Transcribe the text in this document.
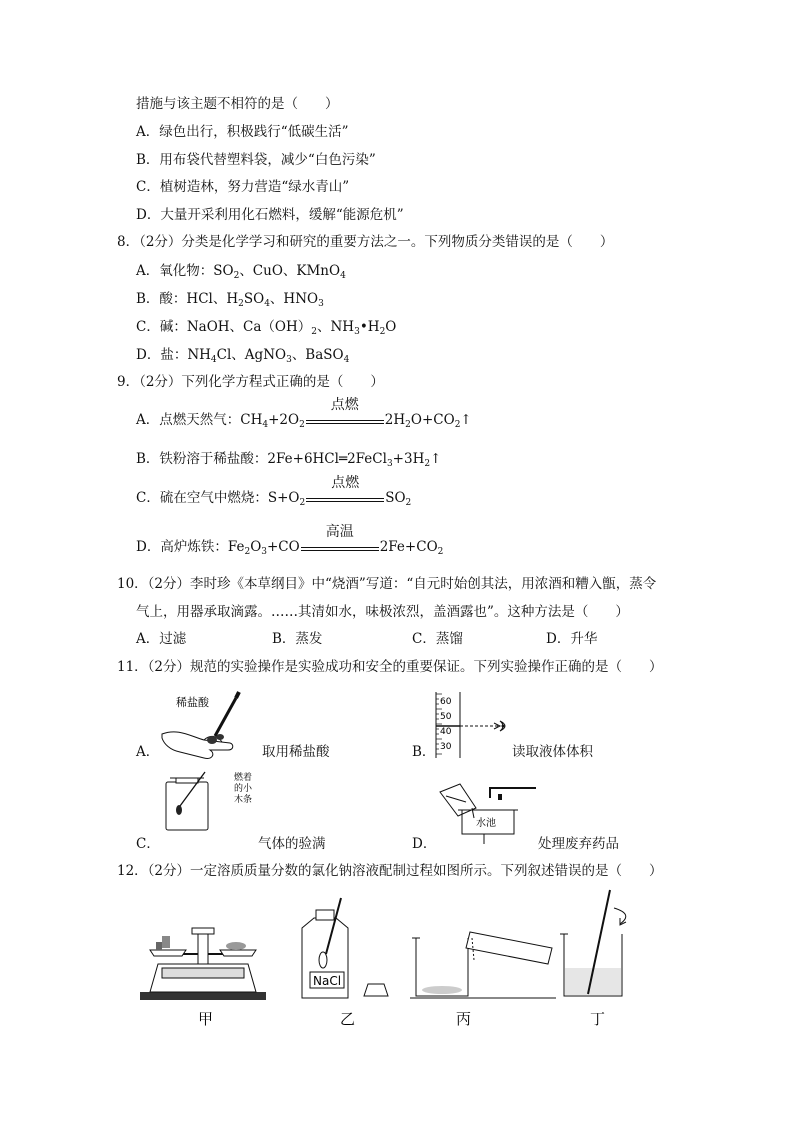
措施与该主题不相符的是（　　）
A．绿色出行，积极践行“低碳生活”
B．用布袋代替塑料袋，减少“白色污染”
C．植树造林，努力营造“绿水青山”
D．大量开采利用化石燃料，缓解“能源危机”
8．（2分）分类是化学学习和研究的重要方法之一。下列物质分类错误的是（　　）
A．氧化物：$SO_2$、CuO、KMnO$_4$
B．酸：HCl、$H_2SO_4$、$HNO_3$
C．碱：NaOH、$Ca(OH)_2$、$NH_3•H_2O$
D．盐：$NH_4Cl$、AgNO$_3$、BaSO$_4$
9．（2分）下列化学方程式正确的是（　　）
A．点燃天然气：$CH_4+2O_2$
点燃
$2H_2O+CO_2↑$
B．铁粉溶于稀盐酸：$2Fe+6HCl═2FeCl_3+3H_2↑$
C．硫在空气中燃烧：$S+O_2$
点燃
$SO_2$
D．高炉炼铁：$Fe_2O_3+CO$
高温
$2Fe+CO_2$
10．（2分）李时珍《本草纲目》中“烧酒”写道：“自元时始创其法，用浓酒和糟入甑，蒸令
气上，用器承取滴露。……其清如水，味极浓烈，盖酒露也”。这种方法是（　　）
A．过滤	B．蒸发	C．蒸馏	D．升华
11．（2分）规范的实验操作是实验成功和安全的重要保证。下列实验操作正确的是（　　）
稀盐酸
A．	取用稀盐酸
60
50
40
30
B．	读取液体体积
燃 着
的 小
木 条
C．	气体的验满
水池
D．	处理废弃药品
12．（2分）一定溶质质量分数的氯化钠溶液配制过程如图所示。下列叙述错误的是（　　）
甲
NaCl
乙	丙	丁
